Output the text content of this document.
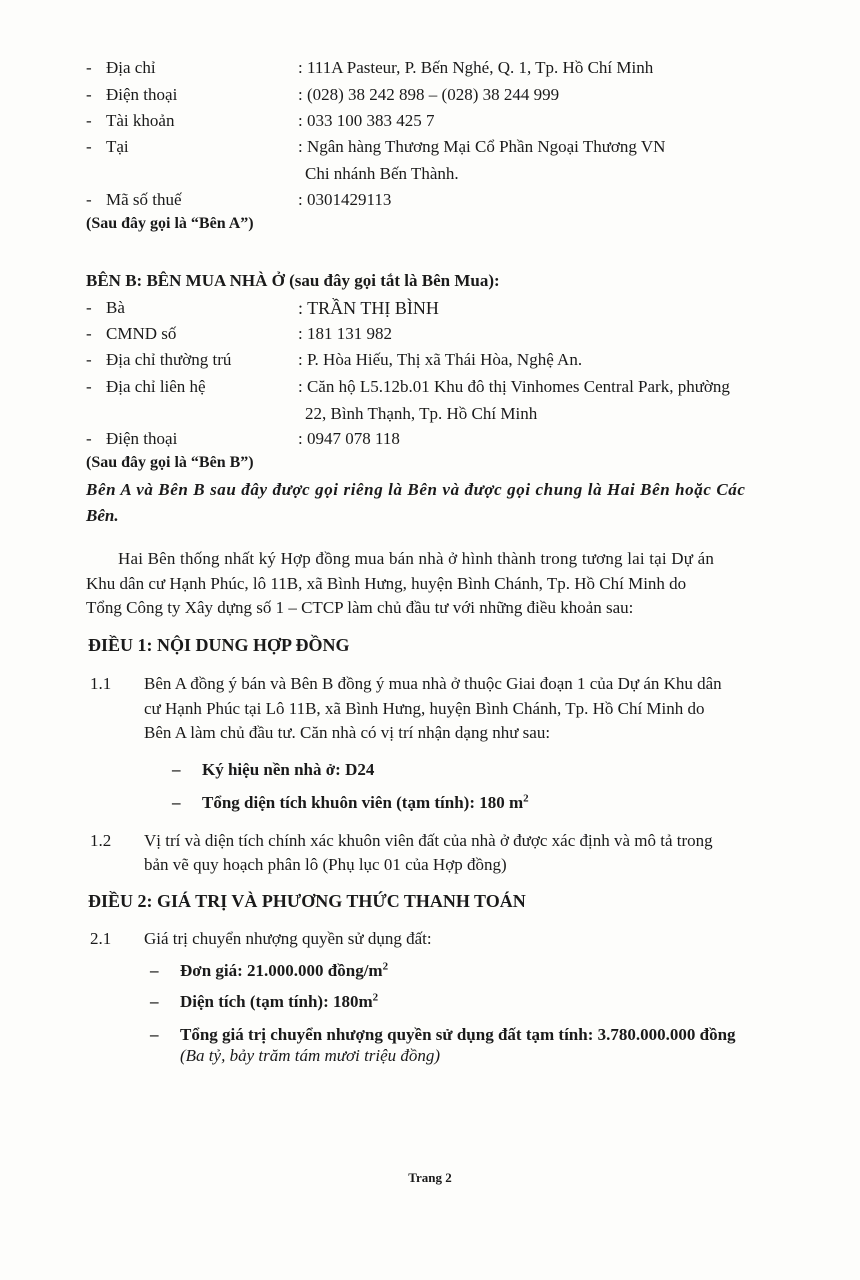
- Địa chỉ	: 111A Pasteur, P. Bến Nghé, Q. 1, Tp. Hồ Chí Minh
- Điện thoại	: (028) 38 242 898 – (028) 38 244 999
- Tài khoản	: 033 100 383 425 7
- Tại	: Ngân hàng Thương Mại Cổ Phần Ngoại Thương VN
Chi nhánh Bến Thành.
- Mã số thuế	: 0301429113
(Sau đây gọi là “Bên A”)
BÊN B: BÊN MUA NHÀ Ở (sau đây gọi tắt là Bên Mua):
- Bà	: TRẦN THỊ BÌNH
- CMND số	: 181 131 982
- Địa chỉ thường trú	: P. Hòa Hiếu, Thị xã Thái Hòa, Nghệ An.
- Địa chỉ liên hệ	: Căn hộ L5.12b.01 Khu đô thị Vinhomes Central Park, phường
22, Bình Thạnh, Tp. Hồ Chí Minh
- Điện thoại	: 0947 078 118
(Sau đây gọi là “Bên B”)
Bên A và Bên B sau đây được gọi riêng là Bên và được gọi chung là Hai Bên hoặc Các
Bên.
Hai Bên thống nhất ký Hợp đồng mua bán nhà ở hình thành trong tương lai tại Dự án
Khu dân cư Hạnh Phúc, lô 11B, xã Bình Hưng, huyện Bình Chánh, Tp. Hồ Chí Minh do
Tổng Công ty Xây dựng số 1 – CTCP làm chủ đầu tư với những điều khoản sau:
ĐIỀU 1: NỘI DUNG HỢP ĐỒNG
1.1 Bên A đồng ý bán và Bên B đồng ý mua nhà ở thuộc Giai đoạn 1 của Dự án Khu dân
cư Hạnh Phúc tại Lô 11B, xã Bình Hưng, huyện Bình Chánh, Tp. Hồ Chí Minh do
Bên A làm chủ đầu tư. Căn nhà có vị trí nhận dạng như sau:
– Ký hiệu nền nhà ở: D24
– Tổng diện tích khuôn viên (tạm tính): 180 $m^2$
1.2 Vị trí và diện tích chính xác khuôn viên đất của nhà ở được xác định và mô tả trong
bản vẽ quy hoạch phân lô (Phụ lục 01 của Hợp đồng)
ĐIỀU 2: GIÁ TRỊ VÀ PHƯƠNG THỨC THANH TOÁN
2.1 Giá trị chuyển nhượng quyền sử dụng đất:
– Đơn giá: 21.000.000 đồng/$m^2$
– Diện tích (tạm tính): $180m^2$
– Tổng giá trị chuyển nhượng quyền sử dụng đất tạm tính: 3.780.000.000 đồng
(Ba tỷ, bảy trăm tám mươi triệu đồng)
Trang 2
